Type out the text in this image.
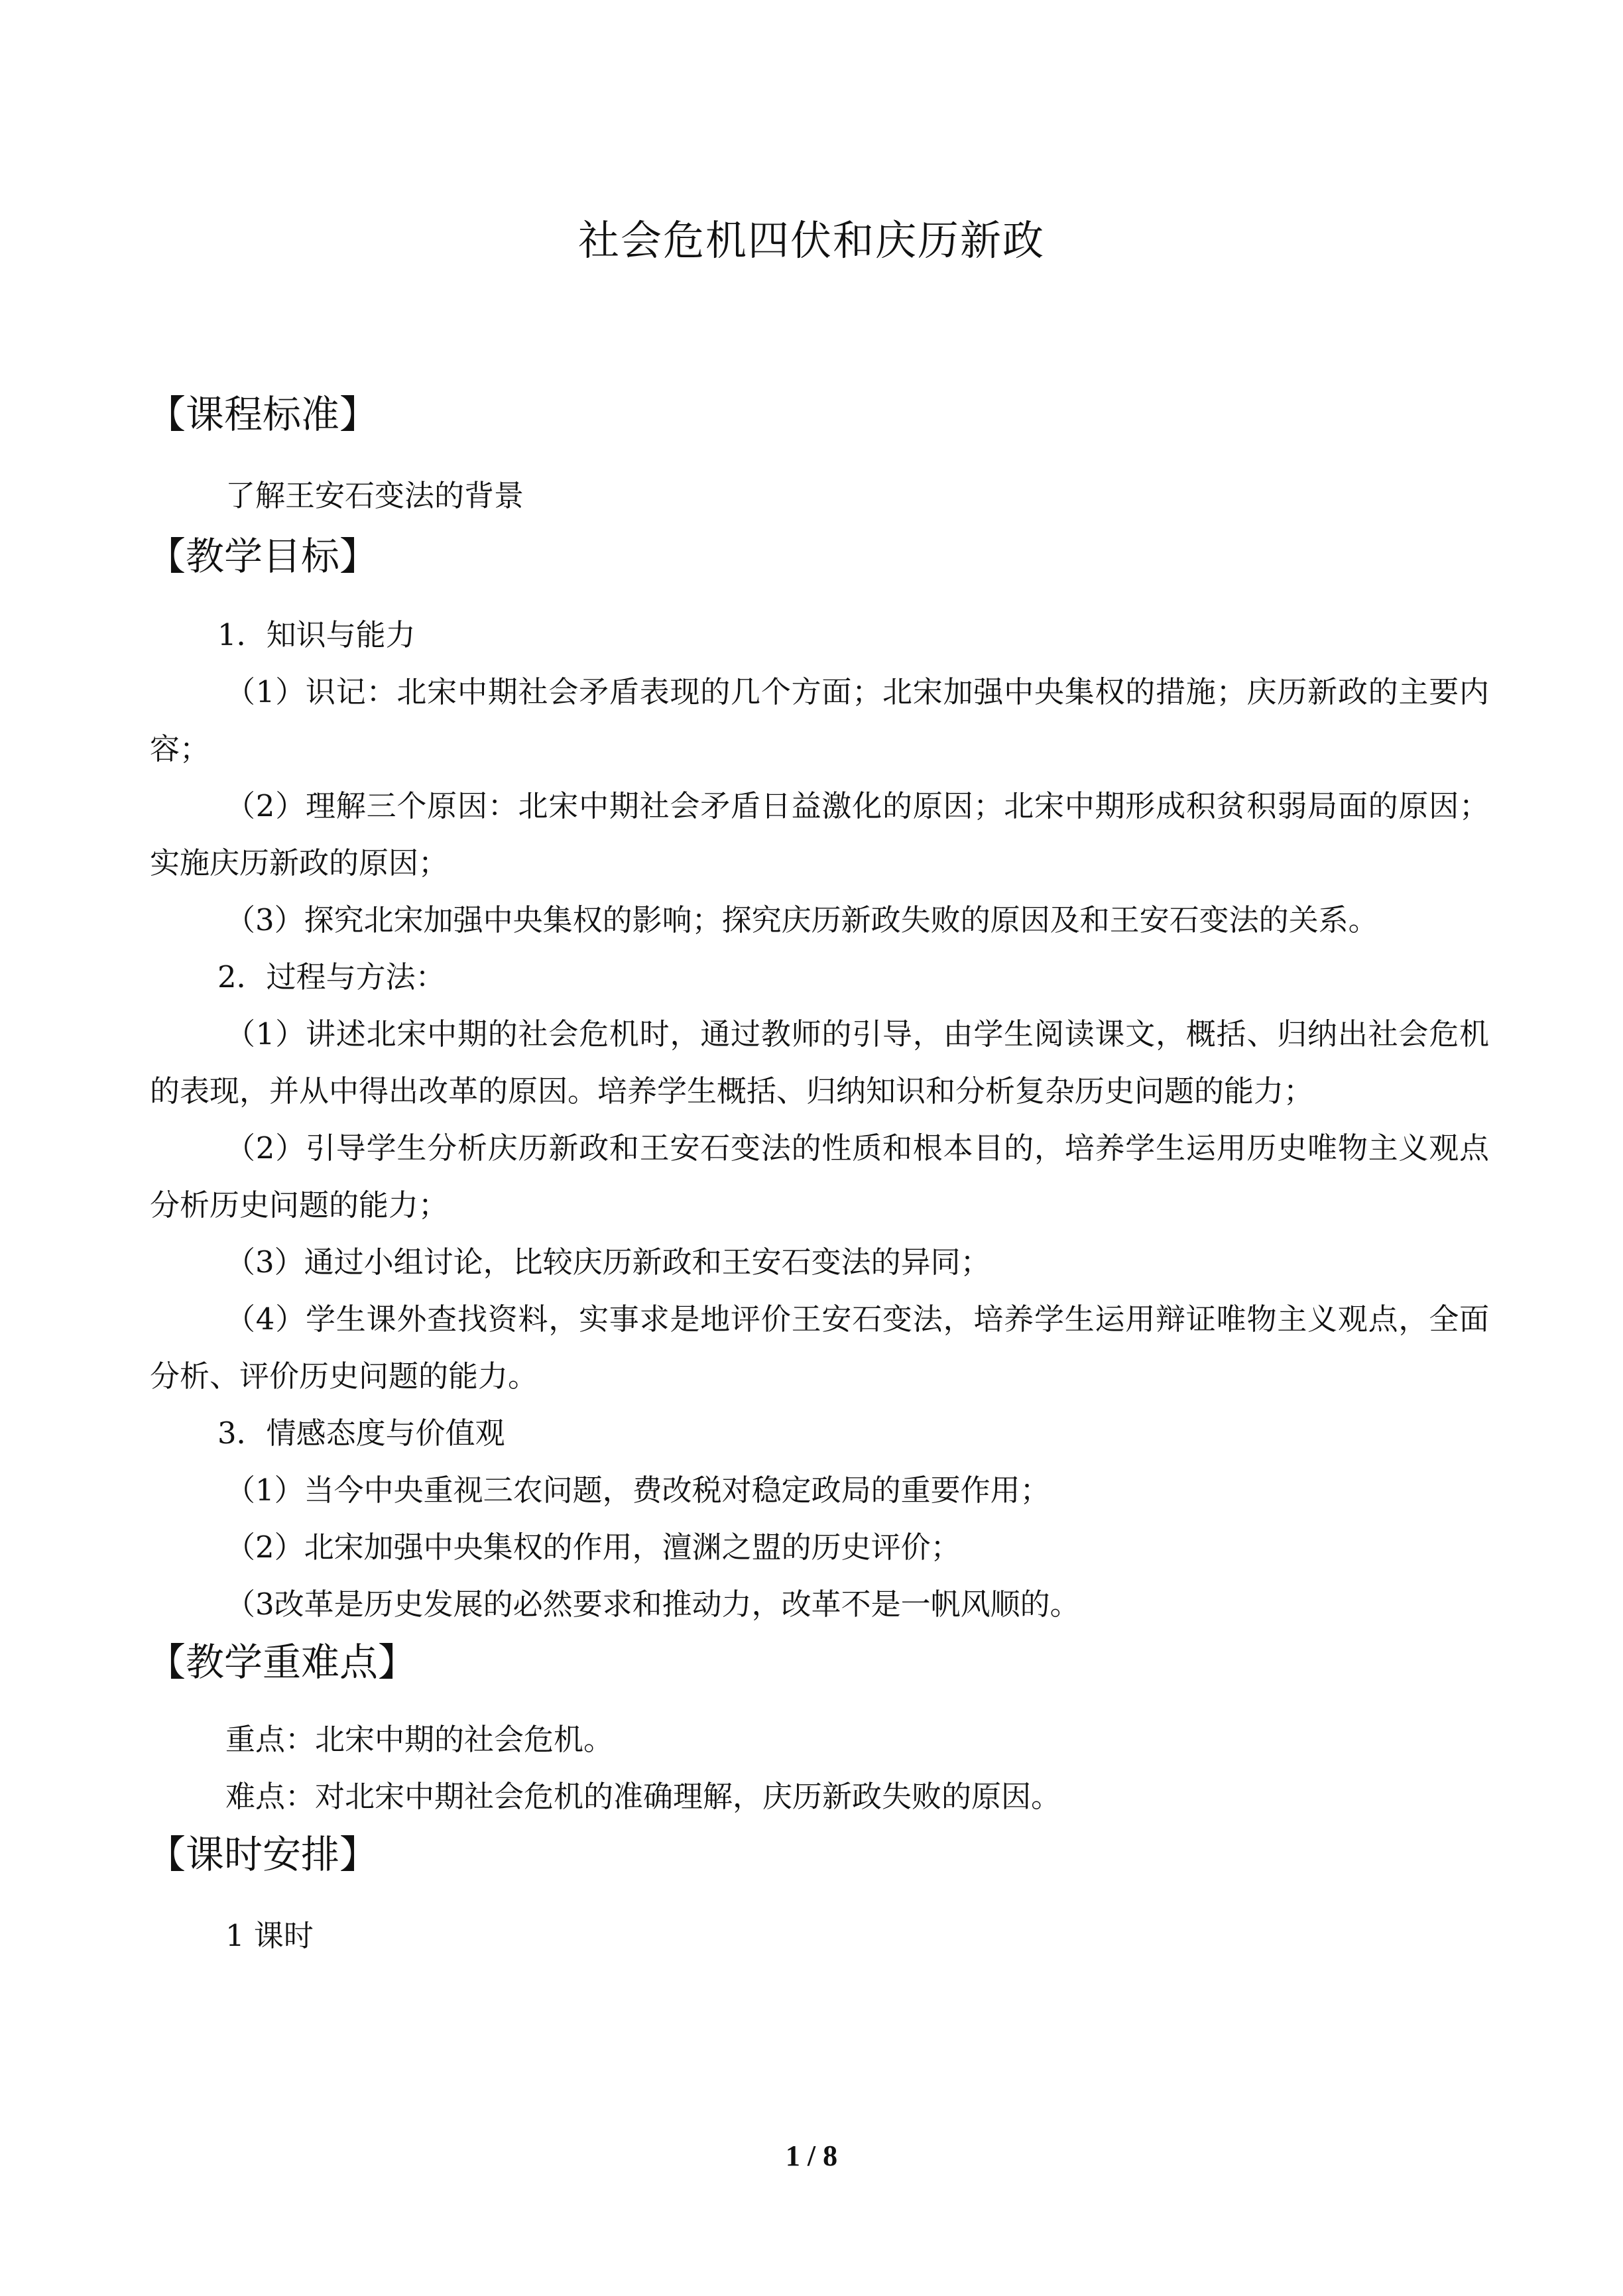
社会危机四伏和庆历新政
【课程标准】
了解王安石变法的背景
【教学目标】
1．知识与能力
（1）识记：北宋中期社会矛盾表现的几个方面；北宋加强中央集权的措施；庆历新政的主要内容；
（2）理解三个原因：北宋中期社会矛盾日益激化的原因；北宋中期形成积贫积弱局面的原因；实施庆历新政的原因；
（3）探究北宋加强中央集权的影响；探究庆历新政失败的原因及和王安石变法的关系。
2．过程与方法：
（1）讲述北宋中期的社会危机时，通过教师的引导，由学生阅读课文，概括、归纳出社会危机的表现，并从中得出改革的原因。培养学生概括、归纳知识和分析复杂历史问题的能力；
（2）引导学生分析庆历新政和王安石变法的性质和根本目的，培养学生运用历史唯物主义观点分析历史问题的能力；
（3）通过小组讨论，比较庆历新政和王安石变法的异同；
（4）学生课外查找资料，实事求是地评价王安石变法，培养学生运用辩证唯物主义观点，全面分析、评价历史问题的能力。
3．情感态度与价值观
（1）当今中央重视三农问题，费改税对稳定政局的重要作用；
（2）北宋加强中央集权的作用，澶渊之盟的历史评价；
（3改革是历史发展的必然要求和推动力，改革不是一帆风顺的。
【教学重难点】
重点：北宋中期的社会危机。
难点：对北宋中期社会危机的准确理解，庆历新政失败的原因。
【课时安排】
1 课时
1 / 8
